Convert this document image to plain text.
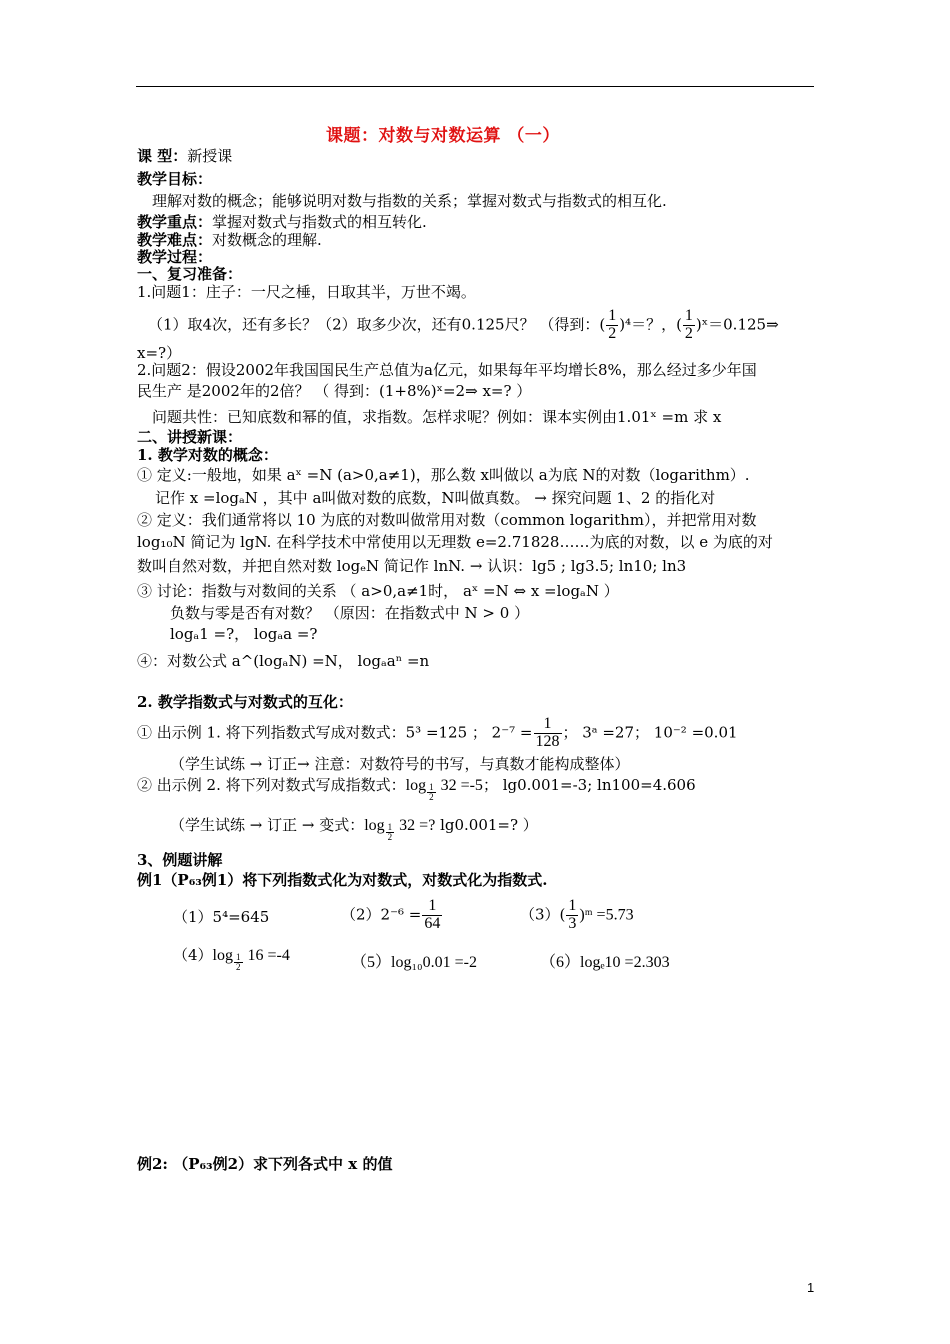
课题：对数与对数运算 （一）
课 型：新授课
教学目标：
理解对数的概念；能够说明对数与指数的关系；掌握对数式与指数式的相互化.
教学重点：掌握对数式与指数式的相互转化.
教学难点：对数概念的理解.
教学过程：
一、复习准备：
1.问题1：庄子：一尺之棰，日取其半，万世不竭。
（1）取4次，还有多长？（2）取多少次，还有0.125尺？ （得到：( $\frac{1}{2} )^4=$？，( $\frac{1}{2}$ )ˣ＝0.125⇒
x=?）
2.问题2：假设2002年我国国民生产总值为a亿元，如果每年平均增长8%，那么经过多少年国
民生产 是2002年的2倍？ （ 得到：(1+8%)ˣ=2⇒ x=? ）
问题共性：已知底数和幂的值，求指数。怎样求呢？例如：课本实例由1.01ˣ =m 求 x
二、讲授新课：
1. 教学对数的概念：
① 定义:一般地，如果 aˣ =N (a>0,a≠1)，那么数 x叫做以 a为底 N的对数（logarithm）.
记作 x =logₐN ，其中 a叫做对数的底数，N叫做真数。 → 探究问题 1、2 的指化对
② 定义：我们通常将以 10 为底的对数叫做常用对数（common logarithm），并把常用对数
log₁₀N 简记为 lgN. 在科学技术中常使用以无理数 e=2.71828……为底的对数，以 e 为底的对
数叫自然对数，并把自然对数 logₑN 简记作 lnN. → 认识：lg5 ; lg3.5; ln10; ln3
③ 讨论：指数与对数间的关系 （ a>0,a≠1时， aˣ =N ⇔ x =logₐN ）
负数与零是否有对数？ （原因：在指数式中 N > 0 ）
logₐ1 =?， logₐa =?
④：对数公式 a^(logₐN) =N， logₐaⁿ =n
2. 教学指数式与对数式的互化：
① 出示例 1. 将下列指数式写成对数式：5³ =125 ； $2^{-7} = \frac{1}{128}$ ； 3ᵃ =27； 10⁻² =0.01
（学生试练 → 订正→ 注意：对数符号的书写，与真数才能构成整体）
② 出示例 2. 将下列对数式写成指数式：$\log \frac{1}{2} 32 =-5$； lg0.001=-3; ln100=4.606
（学生试练 → 订正 → 变式：$\log \frac{1}{2} 32$ =? lg0.001=? ）
3、例题讲解
例1（P₆₃例1）将下列指数式化为对数式，对数式化为指数式.
（1）5⁴=645	$(2)2^{-6} = \frac{1}{64}$	$(3)( \frac{1}{3}$ )ᵐ =5.73
$(4)\log \frac{1}{2} 16 =-4$	（5）log₁₀0.01 =-2	（6）logₑ10 =2.303
例2: （P₆₃例2）求下列各式中 x 的值
1
